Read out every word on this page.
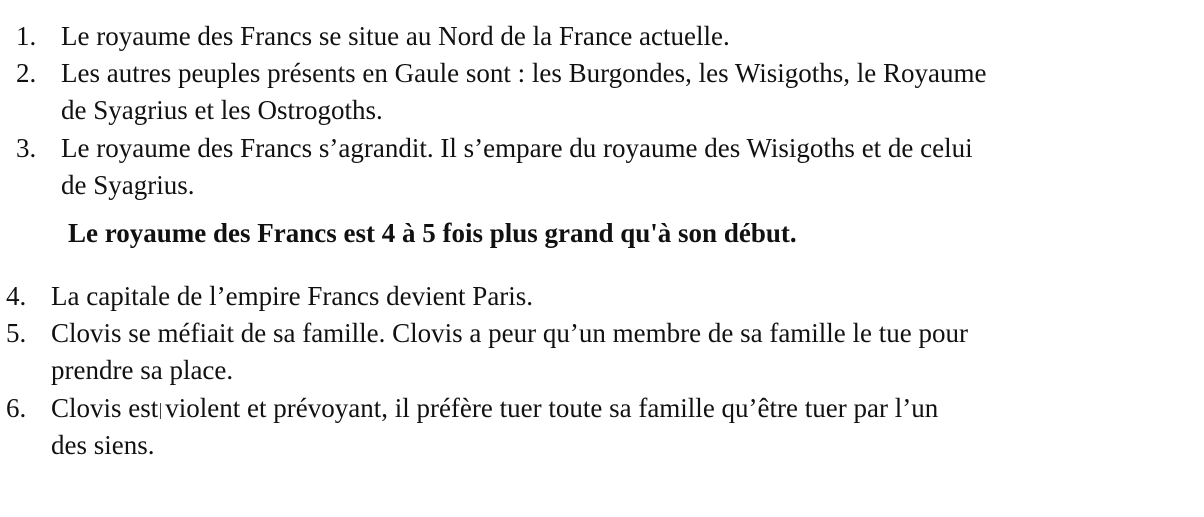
1. Le royaume des Francs se situe au Nord de la France actuelle.
2. Les autres peuples présents en Gaule sont : les Burgondes, les Wisigoths, le Royaume
de Syagrius et les Ostrogoths.
3. Le royaume des Francs s’agrandit. Il s’empare du royaume des Wisigoths et de celui
de Syagrius.
Le royaume des Francs est 4 à 5 fois plus grand qu'à son début.
4. La capitale de l’empire Francs devient Paris.
5. Clovis se méfiait de sa famille. Clovis a peur qu’un membre de sa famille le tue pour
prendre sa place.
6. Clovis est violent et prévoyant, il préfère tuer toute sa famille qu’être tuer par l’un
des siens.
